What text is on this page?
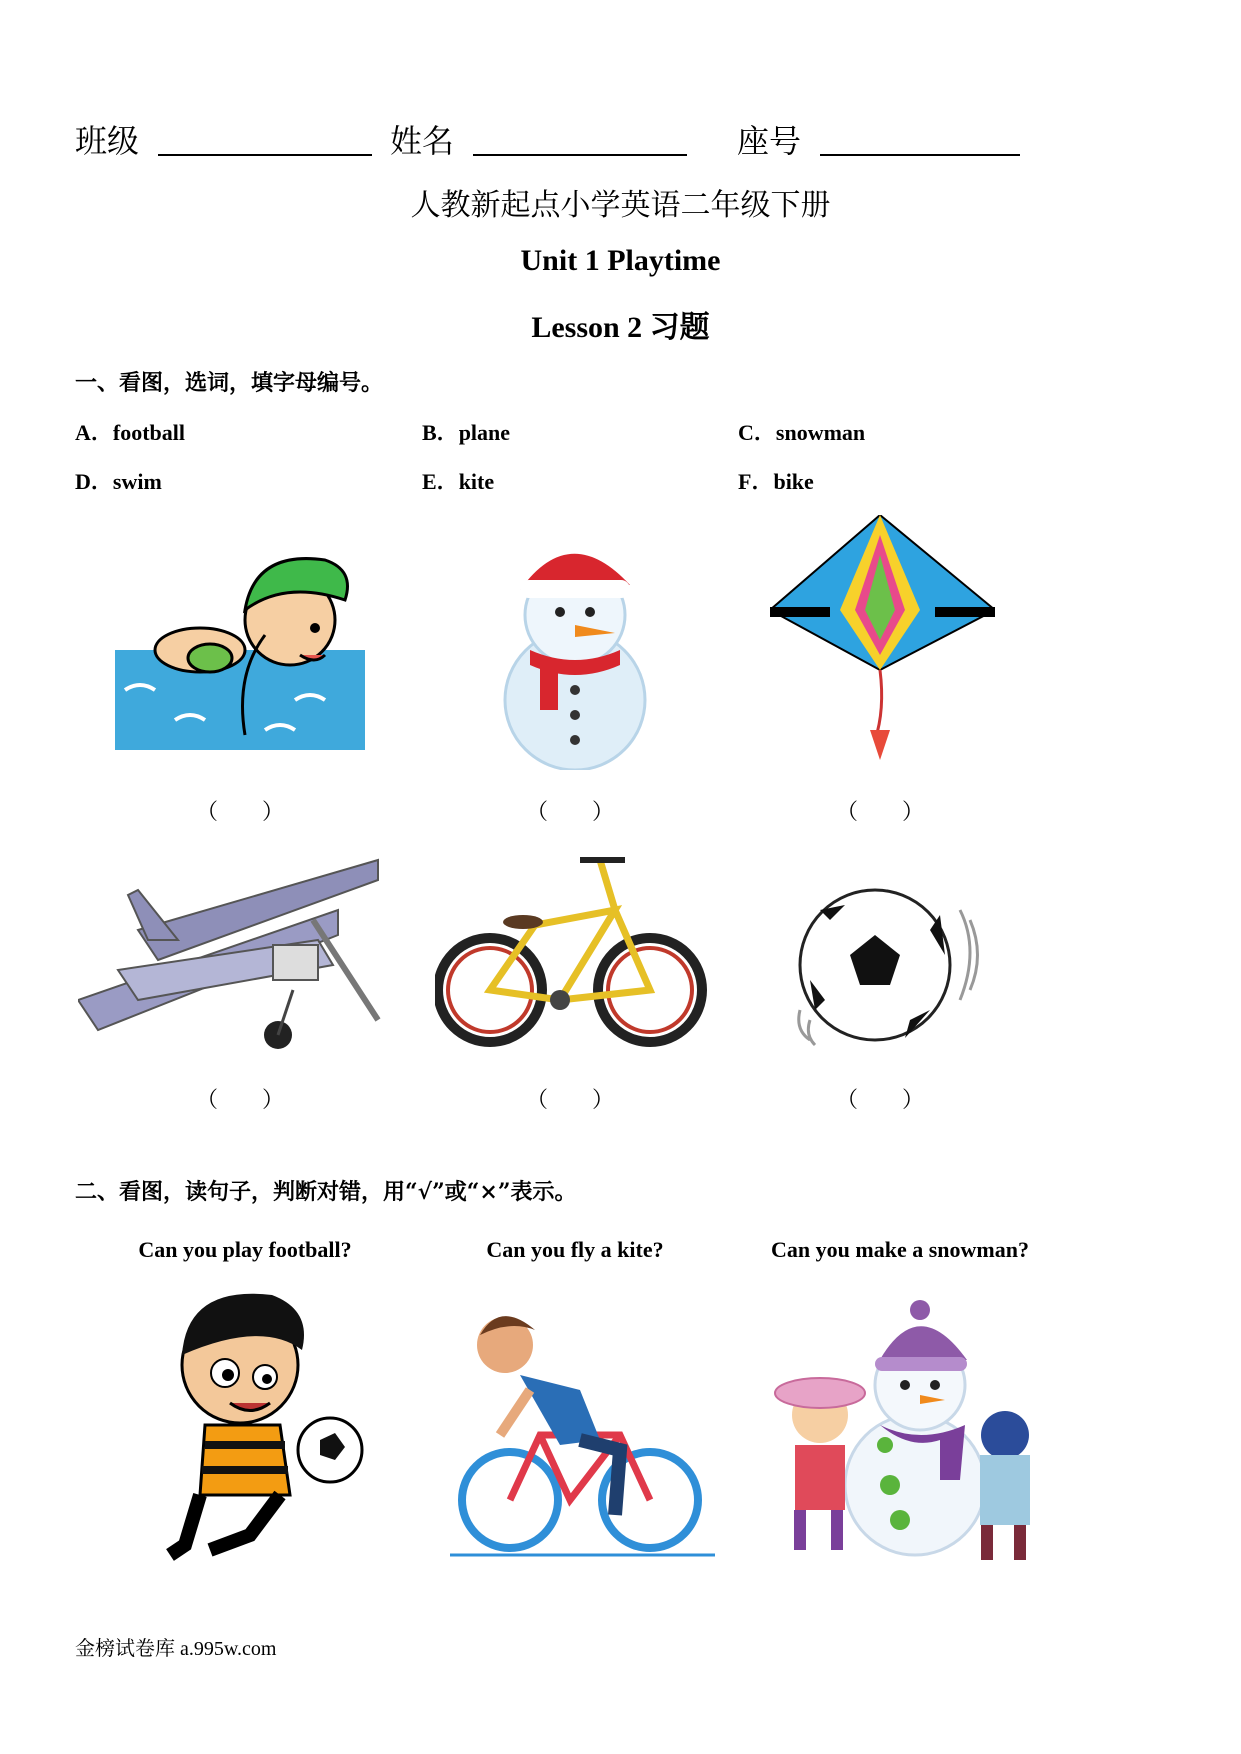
班级	姓名	座号
人教新起点小学英语二年级下册
Unit 1 Playtime
Lesson 2 习题
一、看图，选词，填字母编号。
A．football	B．plane	C．snowman
D．swim	E．kite	F．bike
（　　）	（　　）	（　　）
（　　）	（　　）	（　　）
二、看图，读句子，判断对错，用“√”或“×”表示。
Can you play football?	Can you fly a kite?	Can you make a snowman?
金榜试卷库 a.995w.com
